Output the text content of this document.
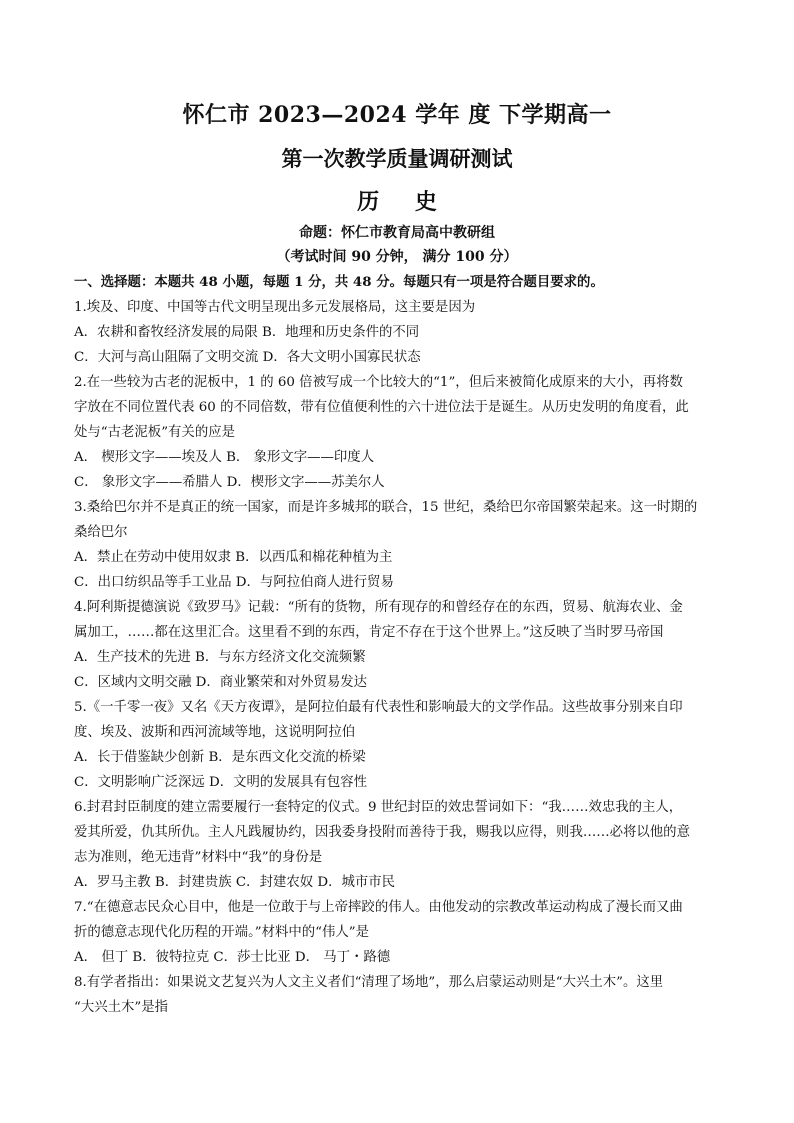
怀仁市 2023—2024 学年 度 下学期高一
第一次教学质量调研测试
历 史
命题：怀仁市教育局高中教研组
（考试时间 90 分钟， 满分 100 分）
一、选择题：本题共 48 小题，每题 1 分，共 48 分。每题只有一项是符合题目要求的。
1.埃及、印度、中国等古代文明呈现出多元发展格局，这主要是因为
A．农耕和畜牧经济发展的局限 B．地理和历史条件的不同
C．大河与高山阻隔了文明交流 D．各大文明小国寡民状态
2.在一些较为古老的泥板中，1 的 60 倍被写成一个比较大的“1”，但后来被简化成原来的大小，再将数
字放在不同位置代表 60 的不同倍数，带有位值便利性的六十进位法于是诞生。从历史发明的角度看，此
处与“古老泥板”有关的应是
A． 楔形文字——埃及人 B． 象形文字——印度人
C． 象形文字——希腊人 D．楔形文字——苏美尔人
3.桑给巴尔并不是真正的统一国家，而是许多城邦的联合，15 世纪，桑给巴尔帝国繁荣起来。这一时期的
桑给巴尔
A．禁止在劳动中使用奴隶 B．以西瓜和棉花种植为主
C．出口纺织品等手工业品 D．与阿拉伯商人进行贸易
4.阿利斯提德演说《致罗马》记载：“所有的货物，所有现存的和曾经存在的东西，贸易、航海农业、金
属加工，……都在这里汇合。这里看不到的东西，肯定不存在于这个世界上。”这反映了当时罗马帝国
A．生产技术的先进 B．与东方经济文化交流频繁
C．区域内文明交融 D．商业繁荣和对外贸易发达
5.《一千零一夜》又名《天方夜谭》，是阿拉伯最有代表性和影响最大的文学作品。这些故事分别来自印
度、埃及、波斯和西河流域等地，这说明阿拉伯
A．长于借鉴缺少创新 B．是东西文化交流的桥梁
C．文明影响广泛深远 D．文明的发展具有包容性
6.封君封臣制度的建立需要履行一套特定的仪式。9 世纪封臣的效忠誓词如下：“我……效忠我的主人，
爱其所爱，仇其所仇。主人凡践履协约，因我委身投附而善待于我，赐我以应得，则我……必将以他的意
志为准则，绝无违背”材料中“我”的身份是
A．罗马主教 B．封建贵族 C．封建农奴 D．城市市民
7.“在德意志民众心目中，他是一位敢于与上帝摔跤的伟人。由他发动的宗教改革运动构成了漫长而又曲
折的德意志现代化历程的开端。”材料中的“伟人”是
A． 但丁 B．彼特拉克 C．莎士比亚 D． 马丁・路德
8.有学者指出：如果说文艺复兴为人文主义者们“清理了场地”，那么启蒙运动则是“大兴土木”。这里
“大兴土木”是指
